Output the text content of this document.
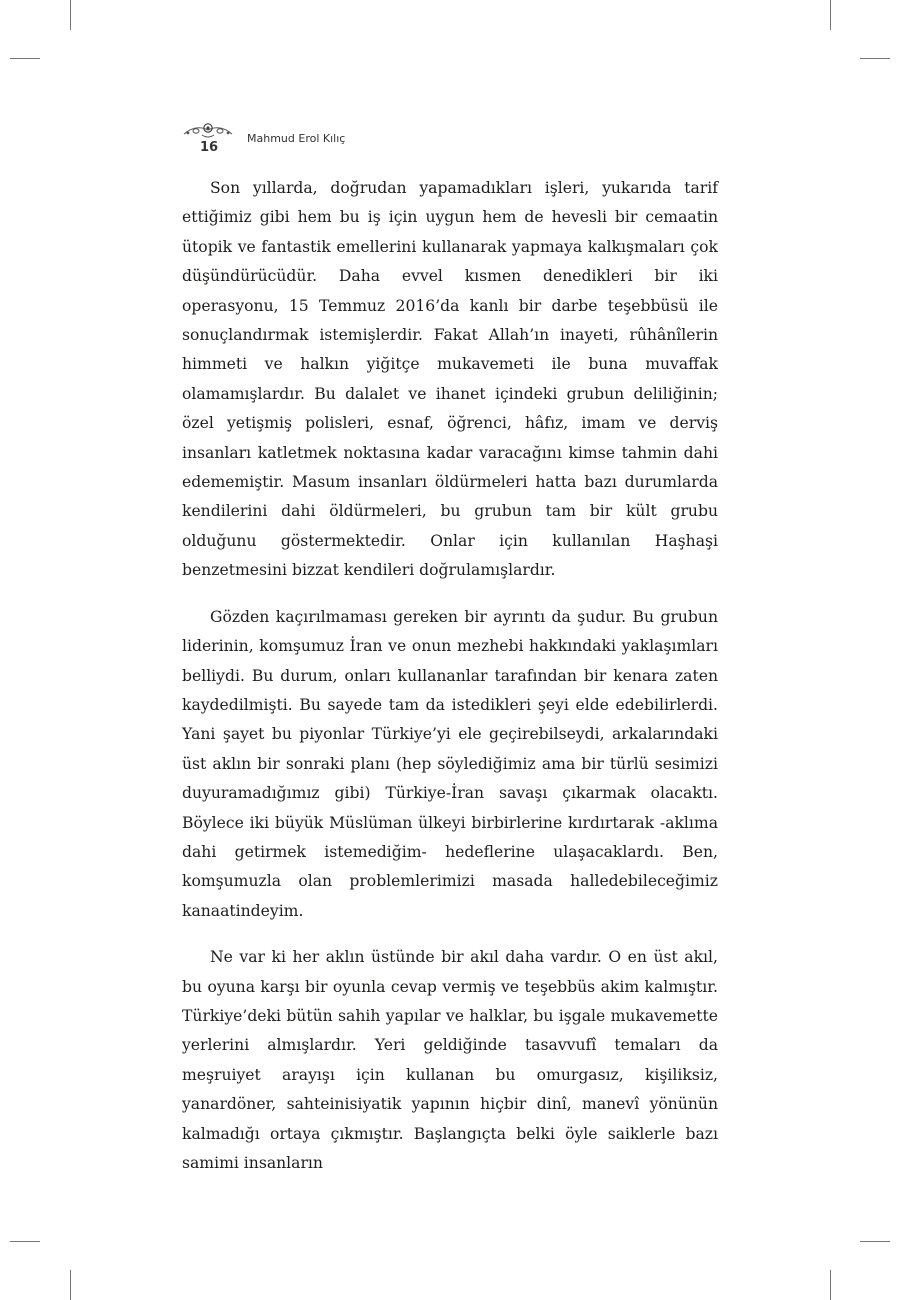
16
Mahmud Erol Kılıç

Son yıllarda, doğrudan yapamadıkları işleri, yukarıda tarif ettiğimiz gibi hem bu iş için uygun hem de hevesli bir cemaatin ütopik ve fantastik emellerini kullanarak yapmaya kalkışmaları çok düşündürücüdür. Daha evvel kısmen denedikleri bir iki operasyonu, 15 Temmuz 2016’da kanlı bir darbe teşebbüsü ile sonuçlandırmak istemişlerdir. Fakat Allah’ın inayeti, rûhânîlerin himmeti ve halkın yiğitçe mukavemeti ile buna muvaffak olamamışlardır. Bu dalalet ve ihanet içindeki grubun deliliğinin; özel yetişmiş polisleri, esnaf, öğrenci, hâfız, imam ve derviş insanları katletmek noktasına kadar varacağını kimse tahmin dahi edememiştir. Masum insanları öldürmeleri hatta bazı durumlarda kendilerini dahi öldürmeleri, bu grubun tam bir kült grubu olduğunu göstermektedir. Onlar için kullanılan Haşhaşi benzetmesini bizzat kendileri doğrulamışlardır.

Gözden kaçırılmaması gereken bir ayrıntı da şudur. Bu grubun liderinin, komşumuz İran ve onun mezhebi hakkındaki yaklaşımları belliydi. Bu durum, onları kullananlar tarafından bir kenara zaten kaydedilmişti. Bu sayede tam da istedikleri şeyi elde edebilirlerdi. Yani şayet bu piyonlar Türkiye’yi ele geçirebilseydi, arkalarındaki üst aklın bir sonraki planı (hep söylediğimiz ama bir türlü sesimizi duyuramadığımız gibi) Türkiye-İran savaşı çıkarmak olacaktı. Böylece iki büyük Müslüman ülkeyi birbirlerine kırdırtarak -aklıma dahi getirmek istemediğim- hedeflerine ulaşacaklardı. Ben, komşumuzla olan problemlerimizi masada halledebileceğimiz kanaatindeyim.

Ne var ki her aklın üstünde bir akıl daha vardır. O en üst akıl, bu oyuna karşı bir oyunla cevap vermiş ve teşebbüs akim kalmıştır. Türkiye’deki bütün sahih yapılar ve halklar, bu işgale mukavemette yerlerini almışlardır. Yeri geldiğinde tasavvufî temaları da meşruiyet arayışı için kullanan bu omurgasız, kişiliksiz, yanardöner, sahteinisiyatik yapının hiçbir dinî, manevî yönünün kalmadığı ortaya çıkmıştır. Başlangıçta belki öyle saiklerle bazı samimi insanların
